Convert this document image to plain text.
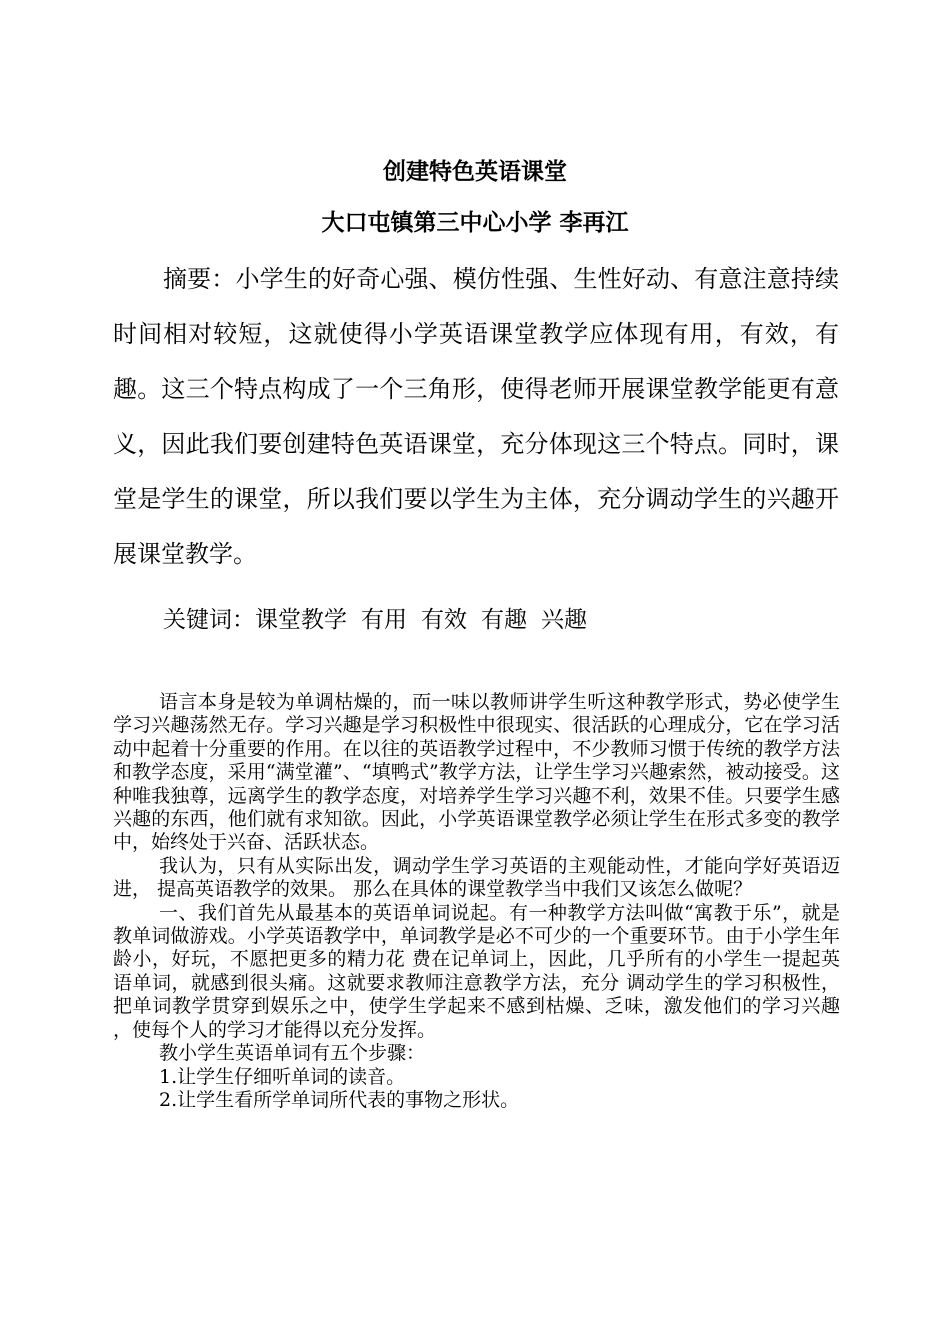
创建特色英语课堂
大口屯镇第三中心小学 李再江

摘要：小学生的好奇心强、模仿性强、生性好动、有意注意持续时间相对较短，这就使得小学英语课堂教学应体现有用，有效，有趣。这三个特点构成了一个三角形，使得老师开展课堂教学能更有意义，因此我们要创建特色英语课堂，充分体现这三个特点。同时，课堂是学生的课堂，所以我们要以学生为主体，充分调动学生的兴趣开展课堂教学。

关键词：课堂教学 有用 有效 有趣 兴趣

语言本身是较为单调枯燥的，而一味以教师讲学生听这种教学形式，势必使学生学习兴趣荡然无存。学习兴趣是学习积极性中很现实、很活跃的心理成分，它在学习活动中起着十分重要的作用。在以往的英语教学过程中，不少教师习惯于传统的教学方法和教学态度，采用“满堂灌”、“填鸭式”教学方法，让学生学习兴趣索然，被动接受。这种唯我独尊，远离学生的教学态度，对培养学生学习兴趣不利，效果不佳。只要学生感兴趣的东西，他们就有求知欲。因此，小学英语课堂教学必须让学生在形式多变的教学中，始终处于兴奋、活跃状态。

我认为，只有从实际出发，调动学生学习英语的主观能动性，才能向学好英语迈进， 提高英语教学的效果。 那么在具体的课堂教学当中我们又该怎么做呢？

一、我们首先从最基本的英语单词说起。有一种教学方法叫做“寓教于乐”，就是教单词做游戏。小学英语教学中，单词教学是必不可少的一个重要环节。由于小学生年龄小，好玩，不愿把更多的精力花 费在记单词上，因此，几乎所有的小学生一提起英语单词，就感到很头痛。这就要求教师注意教学方法，充分 调动学生的学习积极性，把单词教学贯穿到娱乐之中，使学生学起来不感到枯燥、乏味，激发他们的学习兴趣 ，使每个人的学习才能得以充分发挥。

教小学生英语单词有五个步骤：

1.让学生仔细听单词的读音。

2.让学生看所学单词所代表的事物之形状。
